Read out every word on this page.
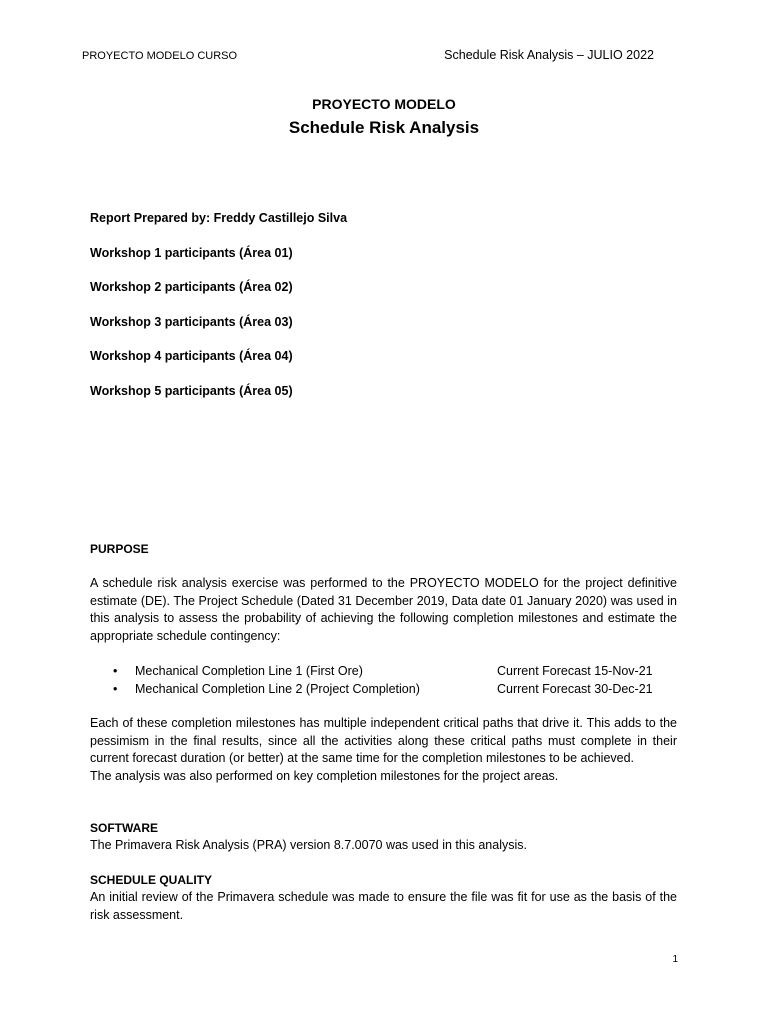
PROYECTO MODELO CURSO	Schedule Risk Analysis – JULIO 2022
PROYECTO MODELO
Schedule Risk Analysis
Report Prepared by: Freddy Castillejo Silva
Workshop 1 participants (Área 01)
Workshop 2 participants (Área 02)
Workshop 3 participants (Área 03)
Workshop 4 participants (Área 04)
Workshop 5 participants (Área 05)
PURPOSE
A schedule risk analysis exercise was performed to the PROYECTO MODELO for the project definitive estimate (DE). The Project Schedule (Dated 31 December 2019, Data date 01 January 2020) was used in this analysis to assess the probability of achieving the following completion milestones and estimate the appropriate schedule contingency:
• Mechanical Completion Line 1 (First Ore)	Current Forecast 15-Nov-21
• Mechanical Completion Line 2 (Project Completion)	Current Forecast 30-Dec-21
Each of these completion milestones has multiple independent critical paths that drive it. This adds to the pessimism in the final results, since all the activities along these critical paths must complete in their current forecast duration (or better) at the same time for the completion milestones to be achieved.
The analysis was also performed on key completion milestones for the project areas.
SOFTWARE
The Primavera Risk Analysis (PRA) version 8.7.0070 was used in this analysis.
SCHEDULE QUALITY
An initial review of the Primavera schedule was made to ensure the file was fit for use as the basis of the risk assessment.
1
